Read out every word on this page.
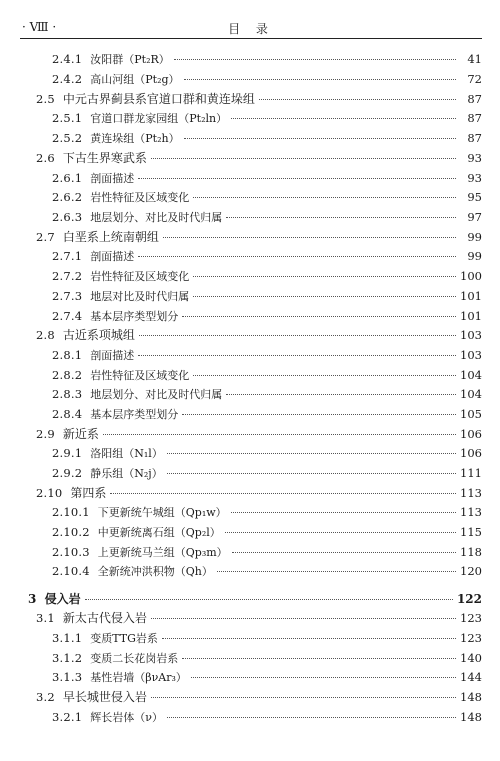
· Ⅷ ·	目 录
2.4.1 汝阳群（Pt₂R）	41
2.4.2 高山河组（Pt₂g）	72
2.5 中元古界蓟县系官道口群和黄连垛组	87
2.5.1 官道口群龙家园组（Pt₂ln）	87
2.5.2 黄连垛组（Pt₂h）	87
2.6 下古生界寒武系	93
2.6.1 剖面描述	93
2.6.2 岩性特征及区域变化	95
2.6.3 地层划分、对比及时代归属	97
2.7 白垩系上统南朝组	99
2.7.1 剖面描述	99
2.7.2 岩性特征及区域变化	100
2.7.3 地层对比及时代归属	101
2.7.4 基本层序类型划分	101
2.8 古近系项城组	103
2.8.1 剖面描述	103
2.8.2 岩性特征及区域变化	104
2.8.3 地层划分、对比及时代归属	104
2.8.4 基本层序类型划分	105
2.9 新近系	106
2.9.1 洛阳组（N₁l）	106
2.9.2 静乐组（N₂j）	111
2.10 第四系	113
2.10.1 下更新统午城组（Qp₁w）	113
2.10.2 中更新统离石组（Qp₂l）	115
2.10.3 上更新统马兰组（Qp₃m）	118
2.10.4 全新统冲洪积物（Qh）	120
3 侵入岩	122
3.1 新太古代侵入岩	123
3.1.1 变质TTG岩系	123
3.1.2 变质二长花岗岩系	140
3.1.3 基性岩墙（βνAr₃）	144
3.2 早长城世侵入岩	148
3.2.1 辉长岩体（ν）	148
